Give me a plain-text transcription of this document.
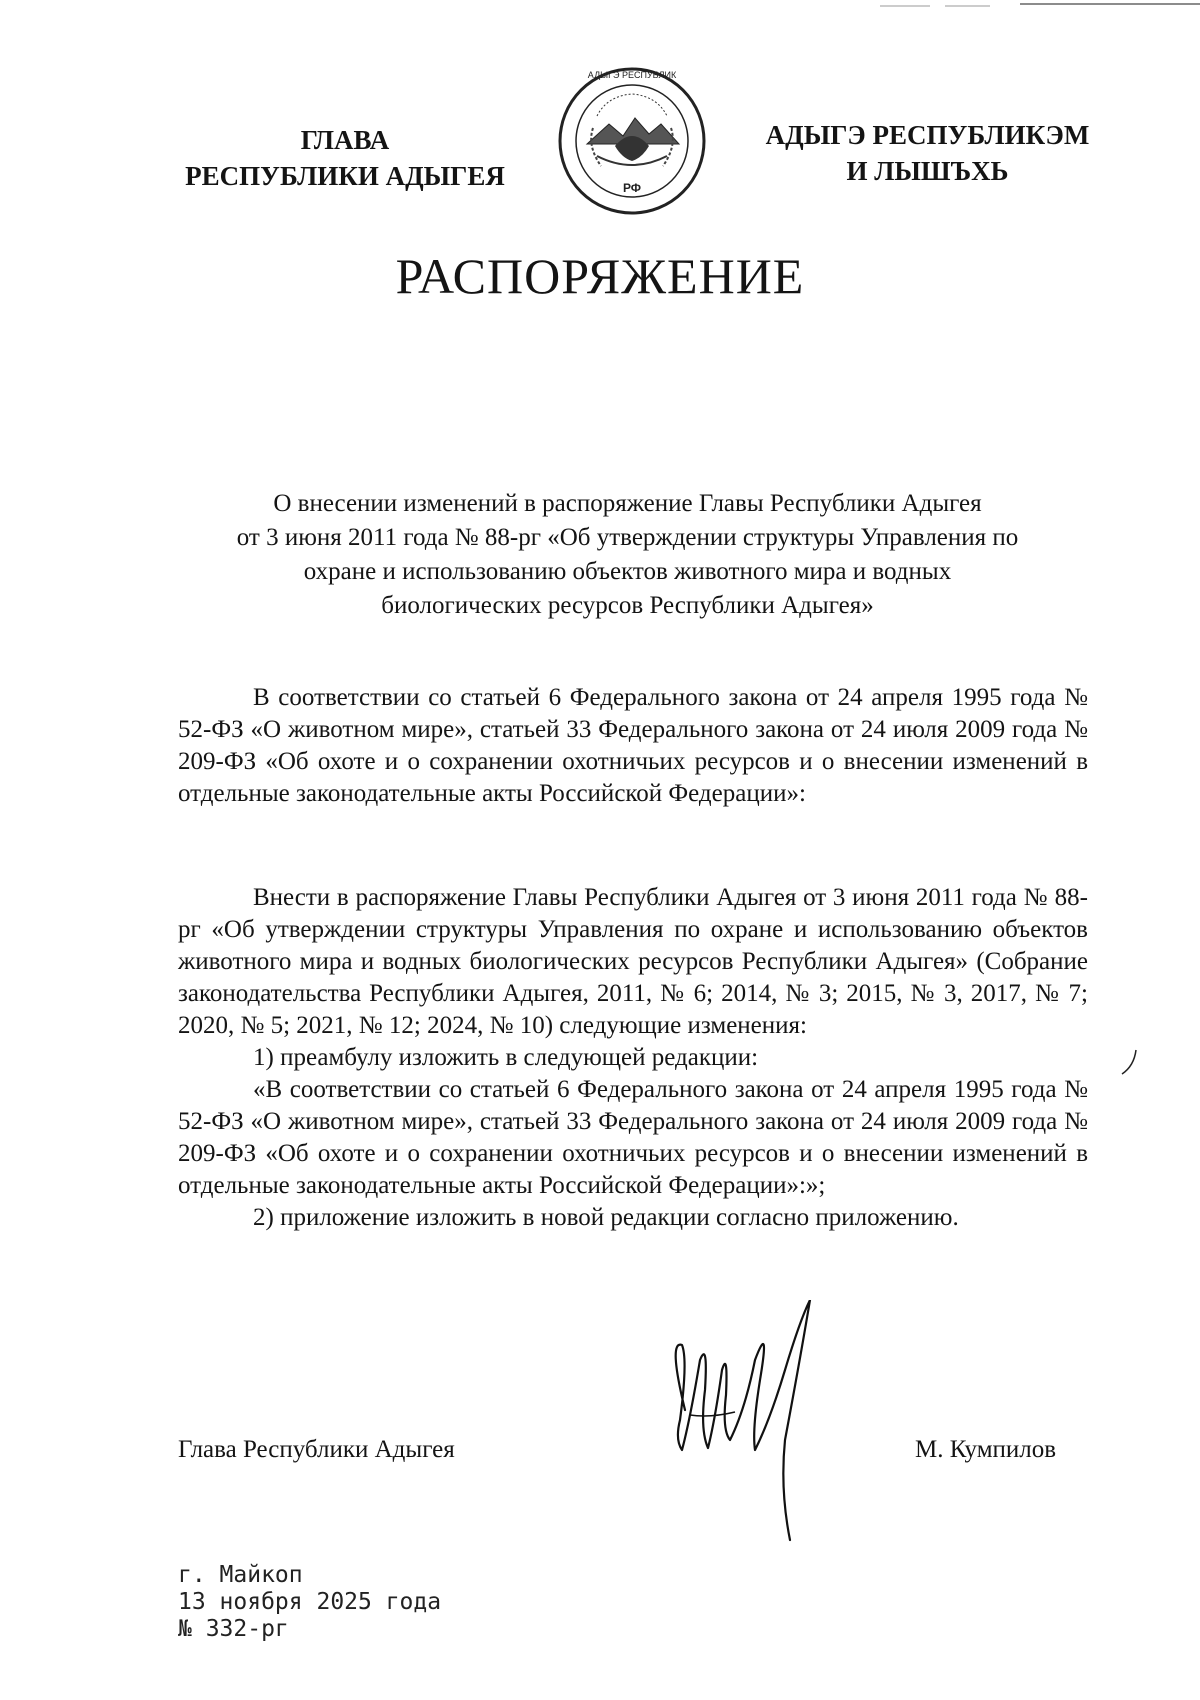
ГЛАВА
РЕСПУБЛИКИ АДЫГЕЯ
АДЫГЭ РЕСПУБЛИК
РФ
АДЫГЭ РЕСПУБЛИКЭМ
И ЛЫШЪХЬ
РАСПОРЯЖЕНИЕ
О внесении изменений в распоряжение Главы Республики Адыгея
от 3 июня 2011 года № 88-рг «Об утверждении структуры Управления по
охране и использованию объектов животного мира и водных
биологических ресурсов Республики Адыгея»

В соответствии со статьей 6 Федерального закона от 24 апреля 1995 года № 52-ФЗ «О животном мире», статьей 33 Федерального закона от 24 июля 2009 года № 209-ФЗ «Об охоте и о сохранении охотничьих ресурсов и о внесении изменений в отдельные законодательные акты Российской Федерации»:

Внести в распоряжение Главы Республики Адыгея от 3 июня 2011 года № 88-рг «Об утверждении структуры Управления по охране и использованию объектов животного мира и водных биологических ресурсов Республики Адыгея» (Собрание законодательства Республики Адыгея, 2011, № 6; 2014, № 3; 2015, № 3, 2017, № 7; 2020, № 5; 2021, № 12; 2024, № 10) следующие изменения:

1) преамбулу изложить в следующей редакции:

«В соответствии со статьей 6 Федерального закона от 24 апреля 1995 года № 52-ФЗ «О животном мире», статьей 33 Федерального закона от 24 июля 2009 года № 209-ФЗ «Об охоте и о сохранении охотничьих ресурсов и о внесении изменений в отдельные законодательные акты Российской Федерации»:»;

2) приложение изложить в новой редакции согласно приложению.

Глава Республики Адыгея	М. Кумпилов
г. Майкоп
13 ноября 2025 года
№ 332-рг
